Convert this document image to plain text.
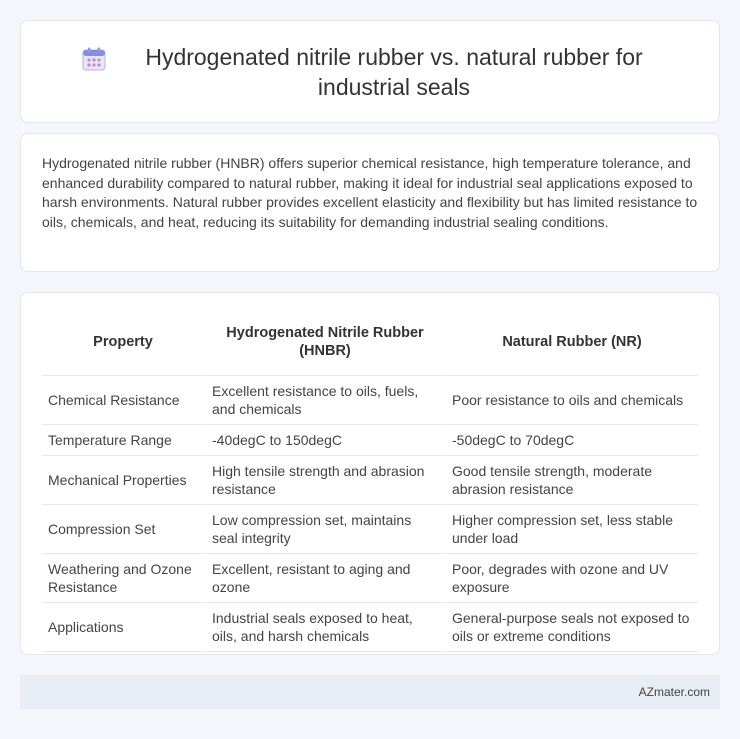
Hydrogenated nitrile rubber vs. natural rubber for industrial seals

Hydrogenated nitrile rubber (HNBR) offers superior chemical resistance, high temperature tolerance, and enhanced durability compared to natural rubber, making it ideal for industrial seal applications exposed to harsh environments. Natural rubber provides excellent elasticity and flexibility but has limited resistance to oils, chemicals, and heat, reducing its suitability for demanding industrial sealing conditions.

Property	Hydrogenated Nitrile Rubber (HNBR)	Natural Rubber (NR)
Chemical Resistance	Excellent resistance to oils, fuels, and chemicals	Poor resistance to oils and chemicals
Temperature Range	-40degC to 150degC	-50degC to 70degC
Mechanical Properties	High tensile strength and abrasion resistance	Good tensile strength, moderate abrasion resistance
Compression Set	Low compression set, maintains seal integrity	Higher compression set, less stable under load
Weathering and Ozone Resistance	Excellent, resistant to aging and ozone	Poor, degrades with ozone and UV exposure
Applications	Industrial seals exposed to heat, oils, and harsh chemicals	General-purpose seals not exposed to oils or extreme conditions
AZmater.com
